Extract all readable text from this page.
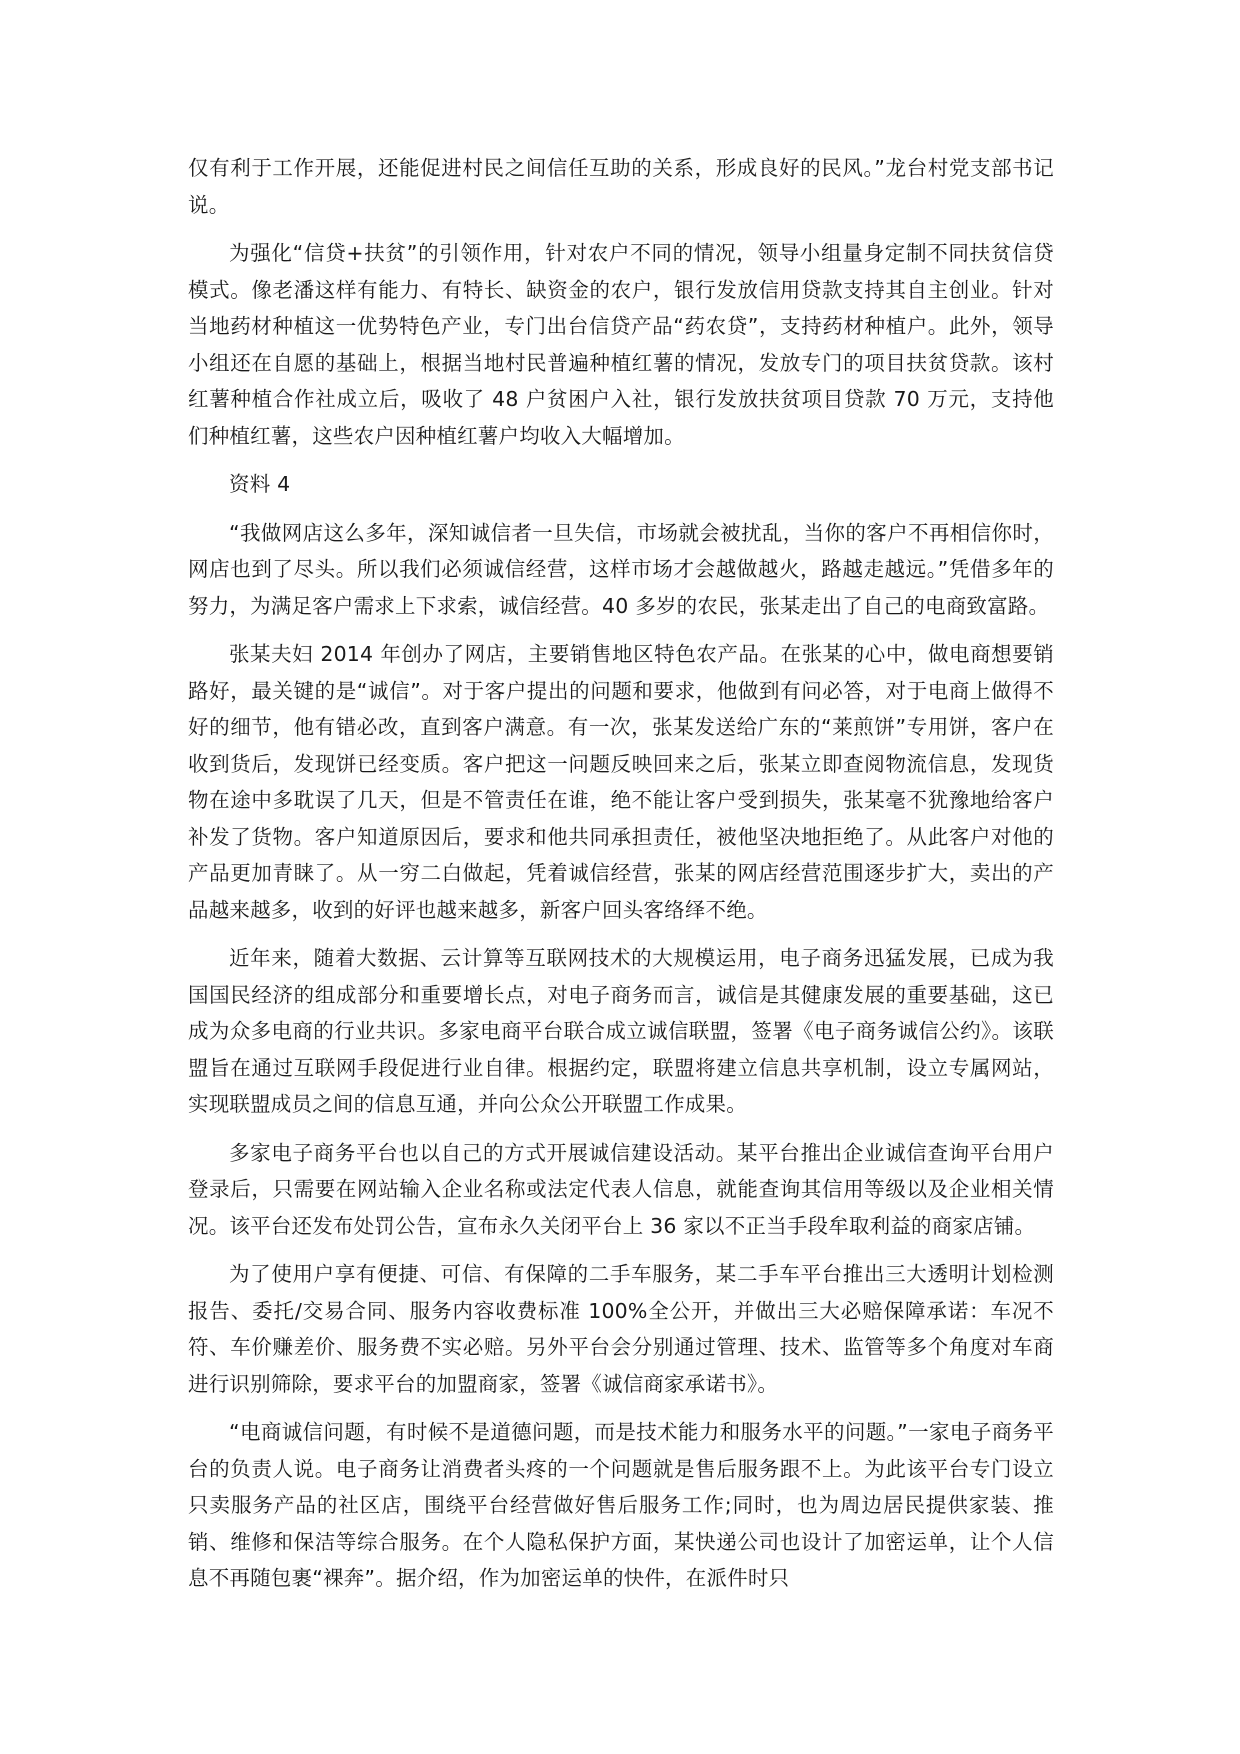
仅有利于工作开展，还能促进村民之间信任互助的关系，形成良好的民风。”龙台村党支部书记说。

为强化“信贷+扶贫”的引领作用，针对农户不同的情况，领导小组量身定制不同扶贫信贷模式。像老潘这样有能力、有特长、缺资金的农户，银行发放信用贷款支持其自主创业。针对当地药材种植这一优势特色产业，专门出台信贷产品“药农贷”，支持药材种植户。此外，领导小组还在自愿的基础上，根据当地村民普遍种植红薯的情况，发放专门的项目扶贫贷款。该村红薯种植合作社成立后，吸收了 48 户贫困户入社，银行发放扶贫项目贷款 70 万元，支持他们种植红薯，这些农户因种植红薯户均收入大幅增加。

资料 4

“我做网店这么多年，深知诚信者一旦失信，市场就会被扰乱，当你的客户不再相信你时，网店也到了尽头。所以我们必须诚信经营，这样市场才会越做越火，路越走越远。”凭借多年的努力，为满足客户需求上下求索，诚信经营。40 多岁的农民，张某走出了自己的电商致富路。

张某夫妇 2014 年创办了网店，主要销售地区特色农产品。在张某的心中，做电商想要销路好，最关键的是“诚信”。对于客户提出的问题和要求，他做到有问必答，对于电商上做得不好的细节，他有错必改，直到客户满意。有一次，张某发送给广东的“莱煎饼”专用饼，客户在收到货后，发现饼已经变质。客户把这一问题反映回来之后，张某立即查阅物流信息，发现货物在途中多耽误了几天，但是不管责任在谁，绝不能让客户受到损失，张某毫不犹豫地给客户补发了货物。客户知道原因后，要求和他共同承担责任，被他坚决地拒绝了。从此客户对他的产品更加青睐了。从一穷二白做起，凭着诚信经营，张某的网店经营范围逐步扩大，卖出的产品越来越多，收到的好评也越来越多，新客户回头客络绎不绝。

近年来，随着大数据、云计算等互联网技术的大规模运用，电子商务迅猛发展，已成为我国国民经济的组成部分和重要增长点，对电子商务而言，诚信是其健康发展的重要基础，这已成为众多电商的行业共识。多家电商平台联合成立诚信联盟，签署《电子商务诚信公约》。该联盟旨在通过互联网手段促进行业自律。根据约定，联盟将建立信息共享机制，设立专属网站，实现联盟成员之间的信息互通，并向公众公开联盟工作成果。

多家电子商务平台也以自己的方式开展诚信建设活动。某平台推出企业诚信查询平台用户登录后，只需要在网站输入企业名称或法定代表人信息，就能查询其信用等级以及企业相关情况。该平台还发布处罚公告，宣布永久关闭平台上 36 家以不正当手段牟取利益的商家店铺。

为了使用户享有便捷、可信、有保障的二手车服务，某二手车平台推出三大透明计划检测报告、委托/交易合同、服务内容收费标准 100%全公开，并做出三大必赔保障承诺：车况不符、车价赚差价、服务费不实必赔。另外平台会分别通过管理、技术、监管等多个角度对车商进行识别筛除，要求平台的加盟商家，签署《诚信商家承诺书》。

“电商诚信问题，有时候不是道德问题，而是技术能力和服务水平的问题。”一家电子商务平台的负责人说。电子商务让消费者头疼的一个问题就是售后服务跟不上。为此该平台专门设立只卖服务产品的社区店，围绕平台经营做好售后服务工作;同时，也为周边居民提供家装、推销、维修和保洁等综合服务。在个人隐私保护方面，某快递公司也设计了加密运单，让个人信息不再随包裹“裸奔”。据介绍，作为加密运单的快件，在派件时只
